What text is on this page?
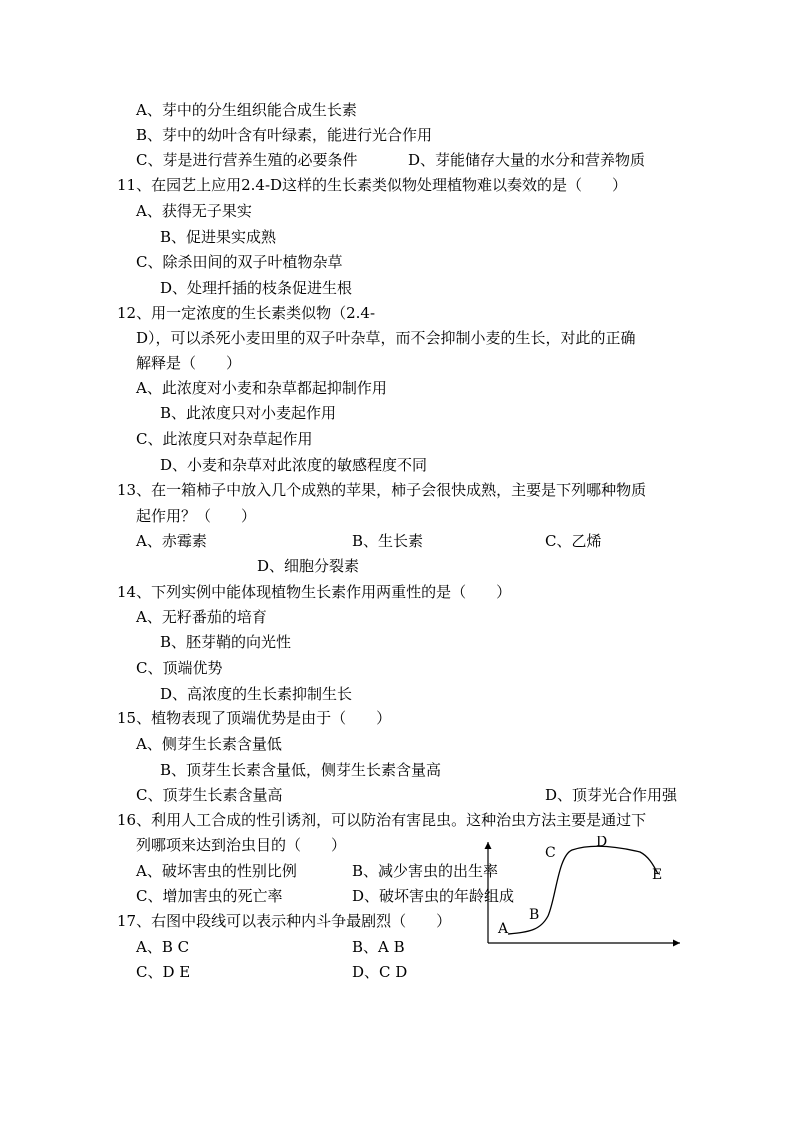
A、芽中的分生组织能合成生长素
B、芽中的幼叶含有叶绿素，能进行光合作用
C、芽是进行营养生殖的必要条件	D、芽能储存大量的水分和营养物质
11、在园艺上应用2.4-D这样的生长素类似物处理植物难以奏效的是（　　）
A、获得无子果实
B、促进果实成熟
C、除杀田间的双子叶植物杂草
D、处理扦插的枝条促进生根
12、用一定浓度的生长素类似物（2.4-
D），可以杀死小麦田里的双子叶杂草，而不会抑制小麦的生长，对此的正确
解释是（　　）
A、此浓度对小麦和杂草都起抑制作用
B、此浓度只对小麦起作用
C、此浓度只对杂草起作用
D、小麦和杂草对此浓度的敏感程度不同
13、在一箱柿子中放入几个成熟的苹果，柿子会很快成熟，主要是下列哪种物质
起作用？（　　）
A、赤霉素	B、生长素	C、乙烯
D、细胞分裂素
14、下列实例中能体现植物生长素作用两重性的是（　　）
A、无籽番茄的培育
B、胚芽鞘的向光性
C、顶端优势
D、高浓度的生长素抑制生长
15、植物表现了顶端优势是由于（　　）
A、侧芽生长素含量低
B、顶芽生长素含量低，侧芽生长素含量高
C、顶芽生长素含量高	D、顶芽光合作用强
16、利用人工合成的性引诱剂，可以防治有害昆虫。这种治虫方法主要是通过下
列哪项来达到治虫目的（　　）
A、破坏害虫的性别比例	B、减少害虫的出生率
C、增加害虫的死亡率	D、破坏害虫的年龄组成
17、右图中段线可以表示种内斗争最剧烈（　　）
A、B C	B、A B
C、D E	D、C D
A
B
C
D
E
